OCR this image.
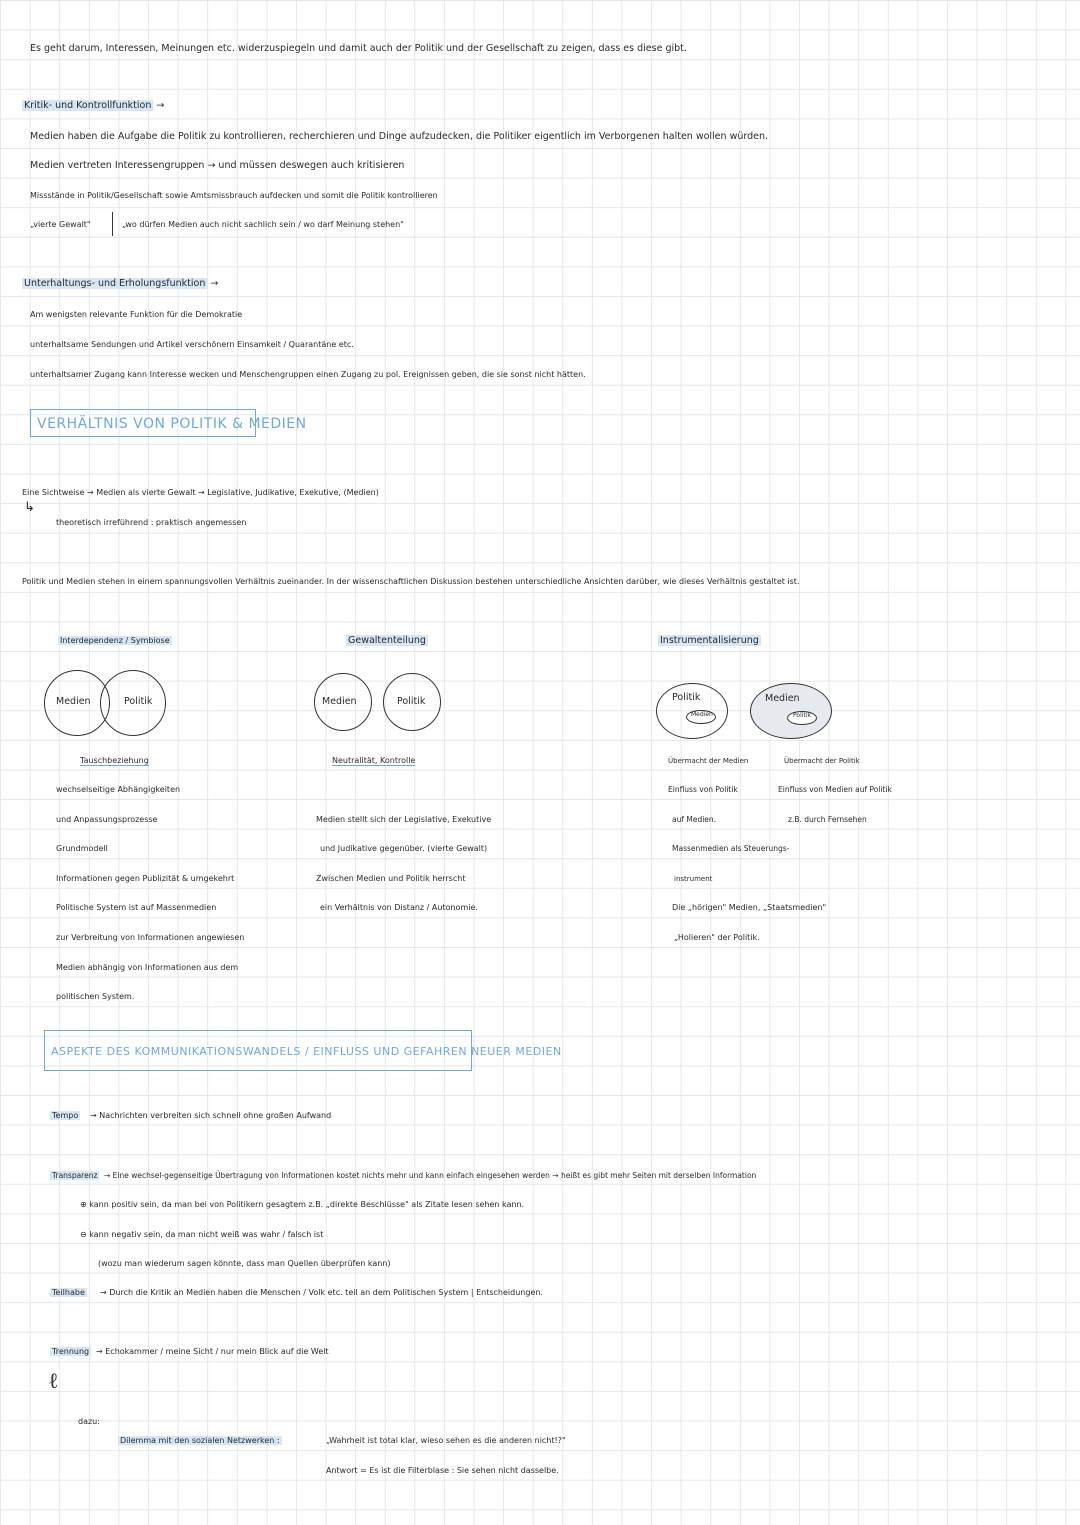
Es geht darum, Interessen, Meinungen etc. widerzuspiegeln und damit auch der Politik und der Gesellschaft zu zeigen, dass es diese gibt.
Kritik- und Kontrollfunktion →
Medien haben die Aufgabe die Politik zu kontrollieren, recherchieren und Dinge aufzudecken, die Politiker eigentlich im Verborgenen halten wollen würden.
Medien vertreten Interessengruppen → und müssen deswegen auch kritisieren
Missstände in Politik/Gesellschaft sowie Amtsmissbrauch aufdecken und somit die Politik kontrollieren
„vierte Gewalt"	„wo dürfen Medien auch nicht sachlich sein / wo darf Meinung stehen"
Unterhaltungs- und Erholungsfunktion →
Am wenigsten relevante Funktion für die Demokratie
unterhaltsame Sendungen und Artikel verschönern Einsamkeit / Quarantäne etc.
unterhaltsamer Zugang kann Interesse wecken und Menschengruppen einen Zugang zu pol. Ereignissen geben, die sie sonst nicht hätten.
VERHÄLTNIS VON POLITIK & MEDIEN
Eine Sichtweise → Medien als vierte Gewalt → Legislative, Judikative, Exekutive, (Medien)
↳
theoretisch irreführend : praktisch angemessen
Politik und Medien stehen in einem spannungsvollen Verhältnis zueinander. In der wissenschaftlichen Diskussion bestehen unterschiedliche Ansichten darüber, wie dieses Verhältnis gestaltet ist.
Interdependenz / Symbiose
Medien	Politik
Tauschbeziehung
wechselseitige Abhängigkeiten
und Anpassungsprozesse
Grundmodell
Informationen gegen Publizität & umgekehrt
Politische System ist auf Massenmedien
zur Verbreitung von Informationen angewiesen
Medien abhängig von Informationen aus dem
politischen System.
Gewaltenteilung
Medien	Politik
Neutralität, Kontrolle
Medien stellt sich der Legislative, Exekutive
und Judikative gegenüber. (vierte Gewalt)
Zwischen Medien und Politik herrscht
ein Verhältnis von Distanz / Autonomie.
Instrumentalisierung
Politik
Medien
Medien
Politik
Übermacht der Medien	Übermacht der Politik
Einfluss von Politik	Einfluss von Medien auf Politik
auf Medien.	z.B. durch Fernsehen
Massenmedien als Steuerungs-
instrument
Die „hörigen" Medien, „Staatsmedien"
„Holieren" der Politik.
ASPEKTE DES KOMMUNIKATIONSWANDELS / EINFLUSS UND GEFAHREN NEUER MEDIEN
Tempo → Nachrichten verbreiten sich schnell ohne großen Aufwand
Transparenz → Eine wechsel-gegenseitige Übertragung von Informationen kostet nichts mehr und kann einfach eingesehen werden → heißt es gibt mehr Seiten mit derselben Information
⊕ kann positiv sein, da man bei von Politikern gesagtem z.B. „direkte Beschlüsse" als Zitate lesen sehen kann.
⊖ kann negativ sein, da man nicht weiß was wahr / falsch ist
(wozu man wiederum sagen könnte, dass man Quellen überprüfen kann)
Teilhabe → Durch die Kritik an Medien haben die Menschen / Volk etc. teil an dem Politischen System | Entscheidungen.
Trennung → Echokammer / meine Sicht / nur mein Blick auf die Welt
ℓ
dazu:
Dilemma mit den sozialen Netzwerken :	„Wahrheit ist total klar, wieso sehen es die anderen nicht!?"
Antwort = Es ist die Filterblase : Sie sehen nicht dasselbe.
